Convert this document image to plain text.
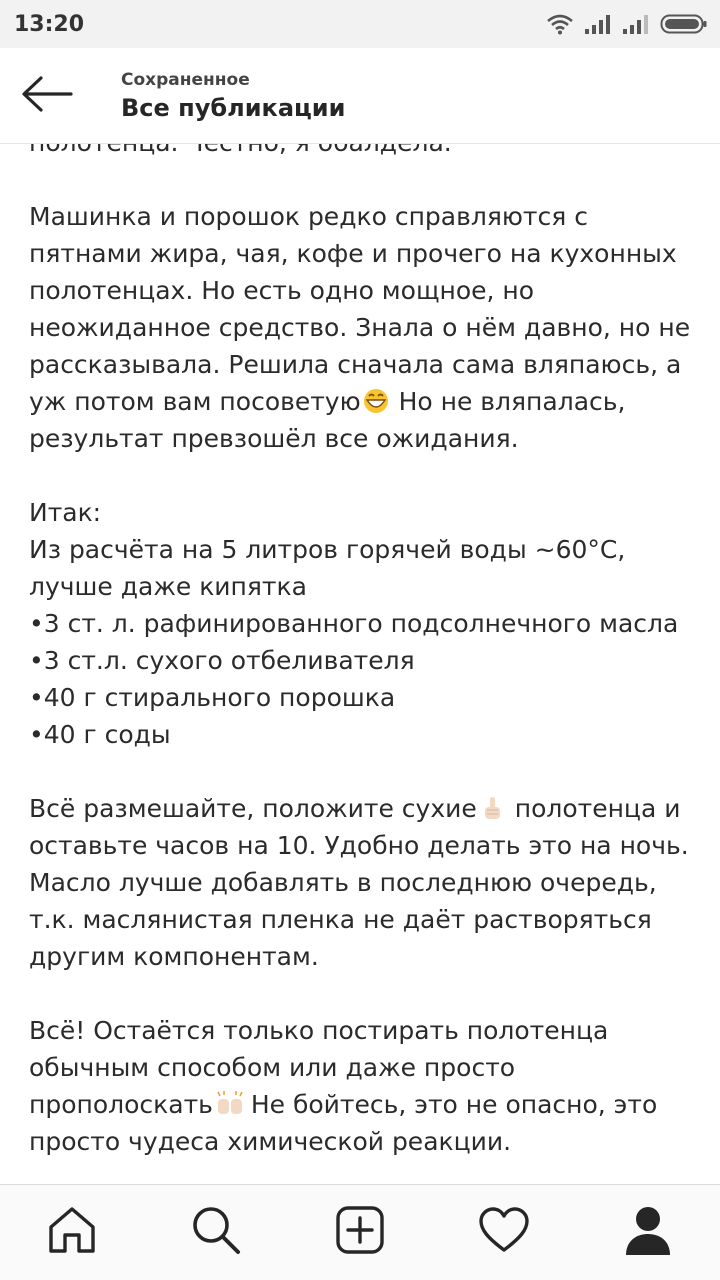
13:20
Сохраненное
Все публикации
Машинка и порошок редко справляются с
пятнами жира, чая, кофе и прочего на кухонных
полотенцах. Но есть одно мощное, но
неожиданное средство. Знала о нём давно, но не
рассказывала. Решила сначала сама вляпаюсь, а
уж потом вам посоветую Но не вляпалась,
результат превзошёл все ожидания.
Итак:
Из расчёта на 5 литров горячей воды ~60°С,
лучше даже кипятка
•3 ст. л. рафинированного подсолнечного масла
•3 ст.л. сухого отбеливателя
•40 г стирального порошка
•40 г соды
Всё размешайте, положите сухие полотенца и
оставьте часов на 10. Удобно делать это на ночь.
Масло лучше добавлять в последнюю очередь,
т.к. маслянистая пленка не даёт растворяться
другим компонентам.
Всё! Остаётся только постирать полотенца
обычным способом или даже просто
прополоскать Не бойтесь, это не опасно, это
просто чудеса химической реакции.
